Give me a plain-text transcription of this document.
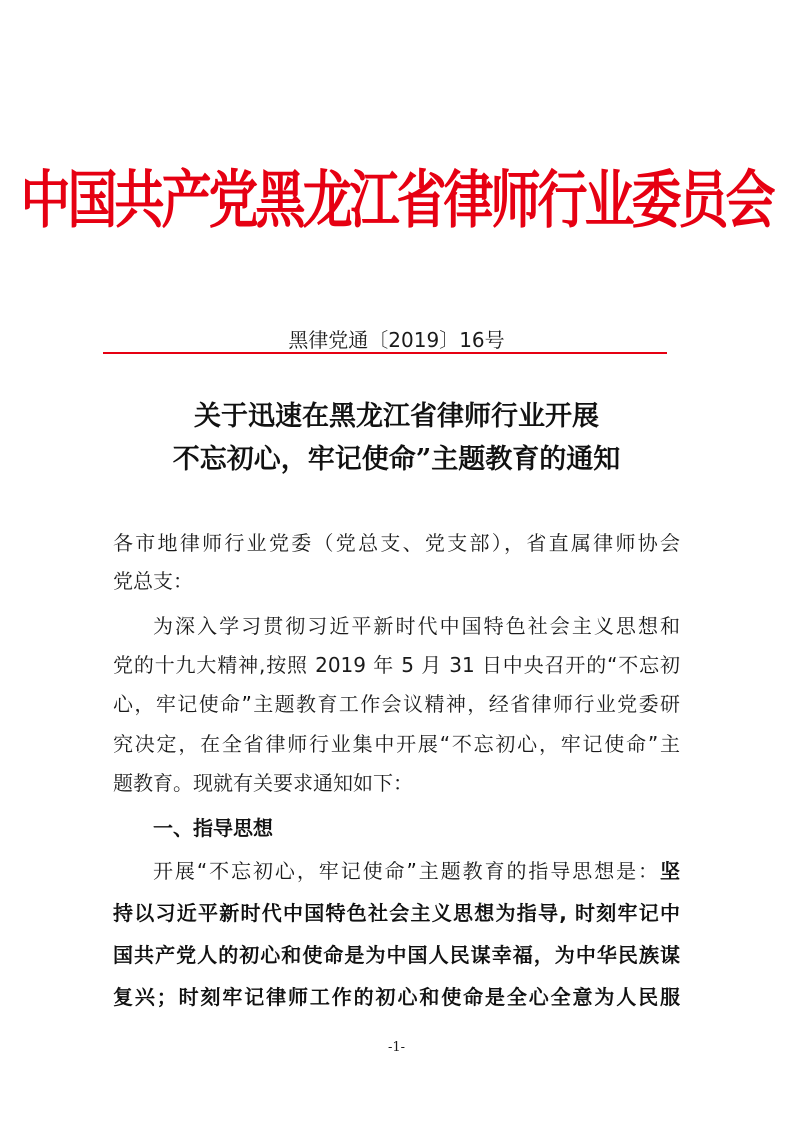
中国共产党黑龙江省律师行业委员会
黑律党通〔2019〕16号
关于迅速在黑龙江省律师行业开展
不忘初心，牢记使命”主题教育的通知
各市地律师行业党委（党总支、党支部），省直属律师协会
党总支：
为深入学习贯彻习近平新时代中国特色社会主义思想和
党的十九大精神,按照 2019 年 5 月 31 日中央召开的“不忘初
心，牢记使命”主题教育工作会议精神，经省律师行业党委研
究决定，在全省律师行业集中开展“不忘初心，牢记使命”主
题教育。现就有关要求通知如下：
一、指导思想
开展“不忘初心，牢记使命”主题教育的指导思想是：坚
持以习近平新时代中国特色社会主义思想为指导, 时刻牢记中
国共产党人的初心和使命是为中国人民谋幸福，为中华民族谋
复兴；时刻牢记律师工作的初心和使命是全心全意为人民服
-1-
